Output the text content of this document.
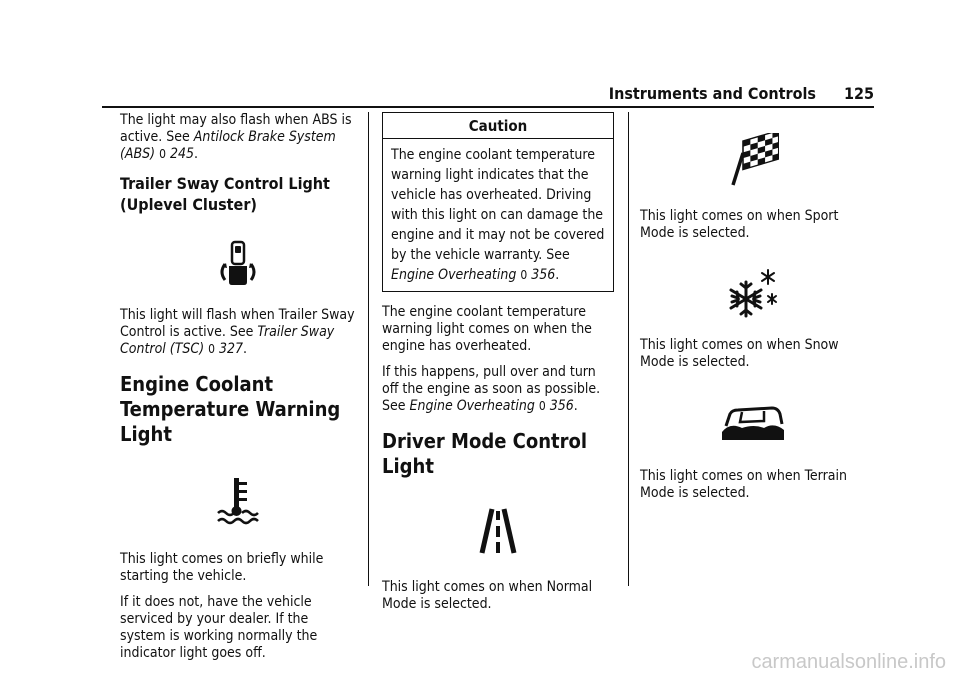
Instruments and Controls 125

The light may also flash when ABS is active. See Antilock Brake System (ABS) 0 245.

Trailer Sway Control Light (Uplevel Cluster)

This light will flash when Trailer Sway Control is active. See Trailer Sway Control (TSC) 0 327.

Engine Coolant Temperature Warning Light

This light comes on briefly while starting the vehicle.

If it does not, have the vehicle serviced by your dealer. If the system is working normally the indicator light goes off.

Caution

The engine coolant temperature warning light indicates that the vehicle has overheated. Driving with this light on can damage the engine and it may not be covered by the vehicle warranty. See Engine Overheating 0 356.

The engine coolant temperature warning light comes on when the engine has overheated.

If this happens, pull over and turn off the engine as soon as possible. See Engine Overheating 0 356.

Driver Mode Control Light

This light comes on when Normal Mode is selected.

This light comes on when Sport Mode is selected.

This light comes on when Snow Mode is selected.

This light comes on when Terrain Mode is selected.

carmanualsonline.info
